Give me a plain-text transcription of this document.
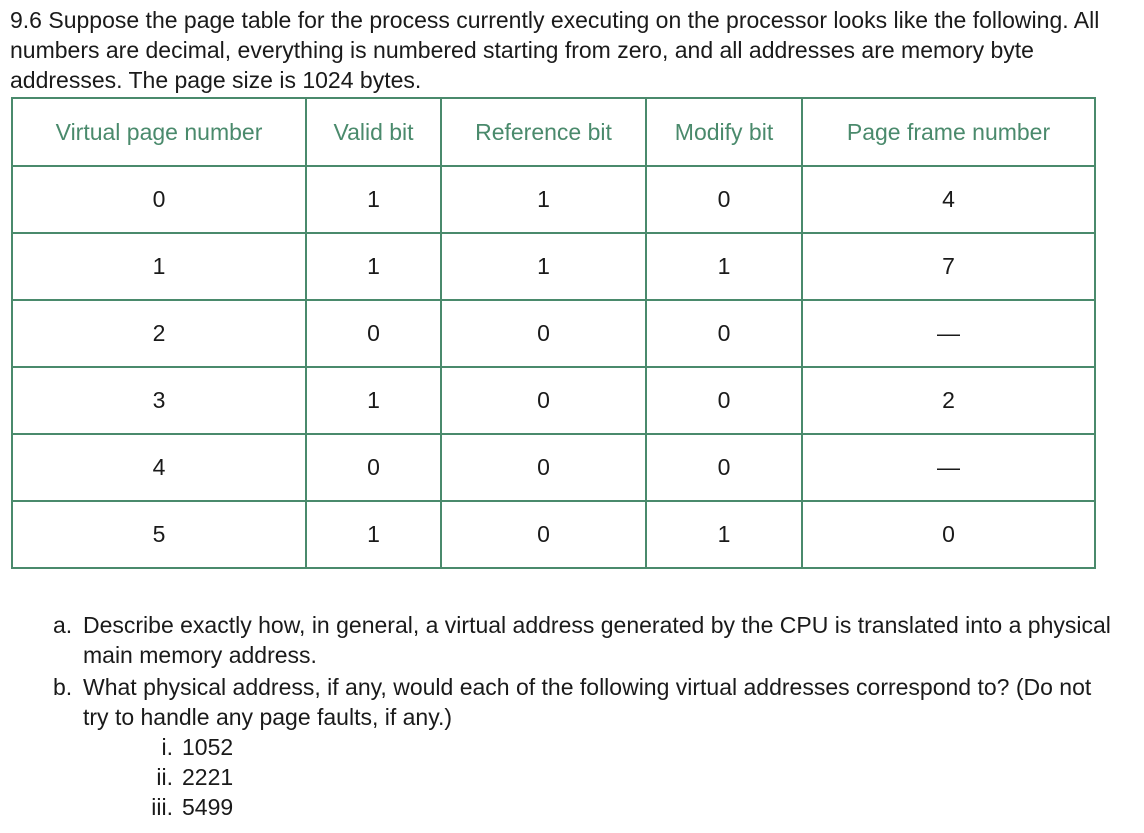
9.6 Suppose the page table for the process currently executing on the processor looks like the following. All numbers are decimal, everything is numbered starting from zero, and all addresses are memory byte addresses. The page size is 1024 bytes.

Virtual page number	Valid bit	Reference bit	Modify bit	Page frame number
0	1	1	0	4
1	1	1	1	7
2	0	0	0	—
3	1	0	0	2
4	0	0	0	—
5	1	0	1	0
a. Describe exactly how, in general, a virtual address generated by the CPU is translated into a physical main memory address.
b. What physical address, if any, would each of the following virtual addresses correspond to? (Do not try to handle any page faults, if any.)
i. 1052
ii. 2221
iii. 5499
